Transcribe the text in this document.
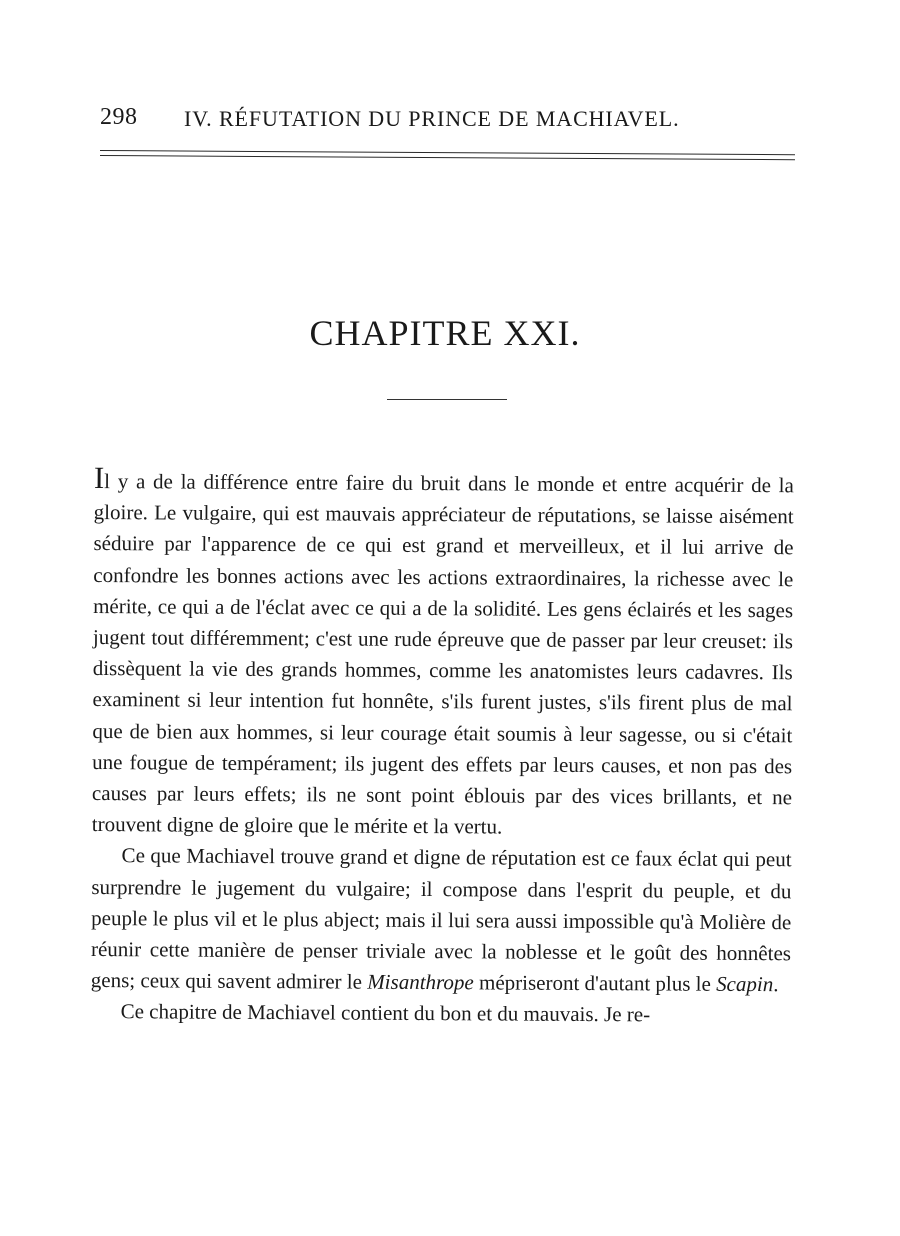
298 IV. RÉFUTATION DU PRINCE DE MACHIAVEL.
CHAPITRE XXI.

Il y a de la différence entre faire du bruit dans le monde et entre acquérir de la gloire. Le vulgaire, qui est mauvais appréciateur de réputations, se laisse aisément séduire par l'apparence de ce qui est grand et merveilleux, et il lui arrive de confondre les bonnes actions avec les actions extraordinaires, la richesse avec le mérite, ce qui a de l'éclat avec ce qui a de la solidité. Les gens éclairés et les sages jugent tout différemment; c'est une rude épreuve que de passer par leur creuset: ils dissèquent la vie des grands hommes, comme les anatomistes leurs cadavres. Ils examinent si leur intention fut honnête, s'ils furent justes, s'ils firent plus de mal que de bien aux hommes, si leur courage était soumis à leur sagesse, ou si c'était une fougue de tempérament; ils jugent des effets par leurs causes, et non pas des causes par leurs effets; ils ne sont point éblouis par des vices brillants, et ne trouvent digne de gloire que le mérite et la vertu.

Ce que Machiavel trouve grand et digne de réputation est ce faux éclat qui peut surprendre le jugement du vulgaire; il compose dans l'esprit du peuple, et du peuple le plus vil et le plus abject; mais il lui sera aussi impossible qu'à Molière de réunir cette manière de penser triviale avec la noblesse et le goût des honnêtes gens; ceux qui savent admirer le Misanthrope mépriseront d'autant plus le Scapin.

Ce chapitre de Machiavel contient du bon et du mauvais. Je re-
